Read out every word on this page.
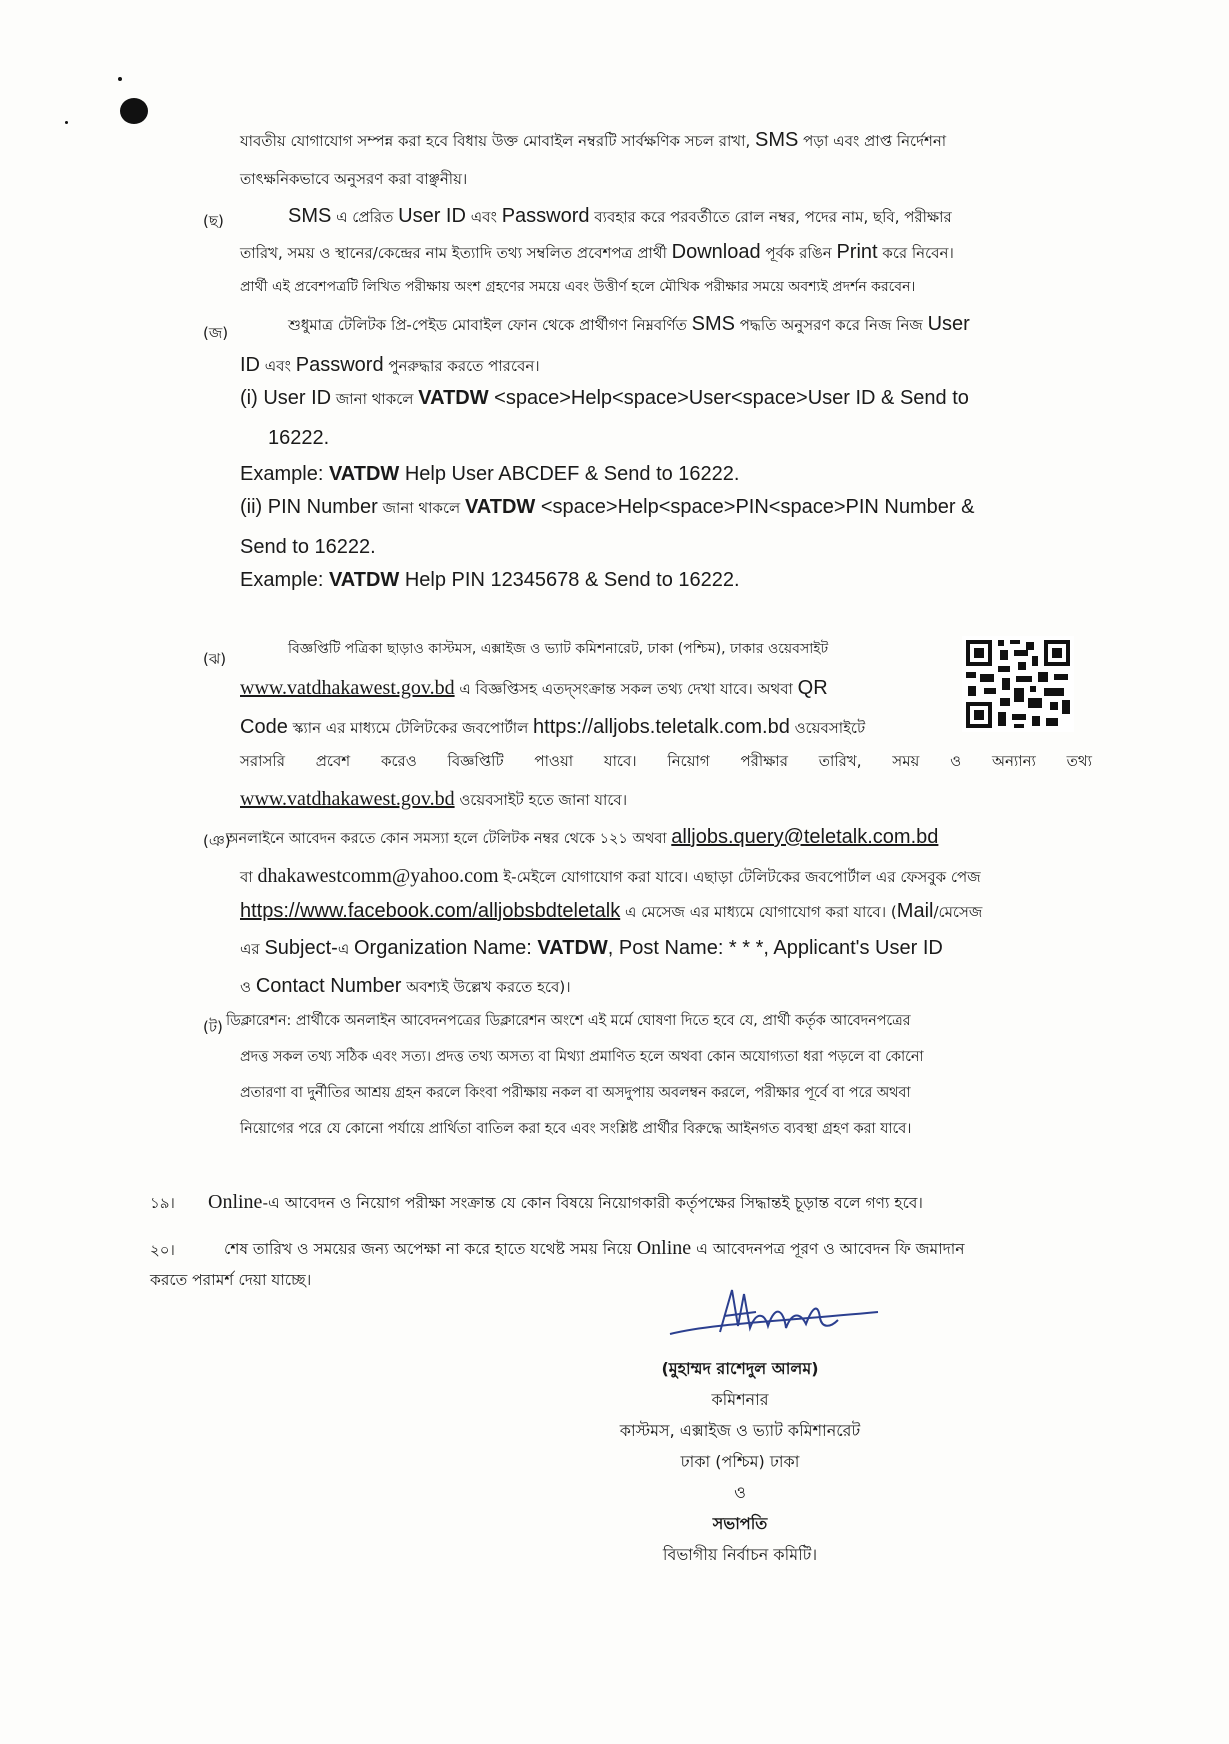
যাবতীয় যোগাযোগ সম্পন্ন করা হবে বিধায় উক্ত মোবাইল নম্বরটি সার্বক্ষণিক সচল রাখা, SMS পড়া এবং প্রাপ্ত নির্দেশনা
তাৎক্ষনিকভাবে অনুসরণ করা বাঞ্ছনীয়।
(ছ)	SMS এ প্রেরিত User ID এবং Password ব্যবহার করে পরবর্তীতে রোল নম্বর, পদের নাম, ছবি, পরীক্ষার
তারিখ, সময় ও স্থানের/কেন্দ্রের নাম ইত্যাদি তথ্য সম্বলিত প্রবেশপত্র প্রার্থী Download পূর্বক রঙিন Print করে নিবেন।
প্রার্থী এই প্রবেশপত্রটি লিখিত পরীক্ষায় অংশ গ্রহণের সময়ে এবং উত্তীর্ণ হলে মৌখিক পরীক্ষার সময়ে অবশ্যই প্রদর্শন করবেন।
(জ)	শুধুমাত্র টেলিটক প্রি-পেইড মোবাইল ফোন থেকে প্রার্থীগণ নিম্নবর্ণিত SMS পদ্ধতি অনুসরণ করে নিজ নিজ User
ID এবং Password পুনরুদ্ধার করতে পারবেন।
(i) User ID জানা থাকলে VATDW <space>Help<space>User<space>User ID & Send to
16222.
Example: VATDW Help User ABCDEF & Send to 16222.
(ii) PIN Number জানা থাকলে VATDW <space>Help<space>PIN<space>PIN Number &
Send to 16222.
Example: VATDW Help PIN 12345678 & Send to 16222.
(ঝ)
বিজ্ঞপ্তিটি পত্রিকা ছাড়াও কাস্টমস, এক্সাইজ ও ভ্যাট কমিশনারেট, ঢাকা (পশ্চিম), ঢাকার ওয়েবসাইট
www.vatdhakawest.gov.bd এ বিজ্ঞপ্তিসহ এতদ্‌সংক্রান্ত সকল তথ্য দেখা যাবে। অথবা QR
Code স্ক্যান এর মাধ্যমে টেলিটকের জবপোর্টাল https://alljobs.teletalk.com.bd ওয়েবসাইটে
সরাসরি প্রবেশ করেও বিজ্ঞপ্তিটি পাওয়া যাবে। নিয়োগ পরীক্ষার তারিখ, সময় ও অন্যান্য তথ্য
www.vatdhakawest.gov.bd ওয়েবসাইট হতে জানা যাবে।
(ঞ)
অনলাইনে আবেদন করতে কোন সমস্যা হলে টেলিটক নম্বর থেকে ১২১ অথবা alljobs.query@teletalk.com.bd
বা dhakawestcomm@yahoo.com ই-মেইলে যোগাযোগ করা যাবে। এছাড়া টেলিটকের জবপোর্টাল এর ফেসবুক পেজ
https://www.facebook.com/alljobsbdteletalk এ মেসেজ এর মাধ্যমে যোগাযোগ করা যাবে। (Mail/মেসেজ
এর Subject-এ Organization Name: VATDW, Post Name: * * *, Applicant's User ID
ও Contact Number অবশ্যই উল্লেখ করতে হবে)।
(ট) ডিক্লারেশন: প্রার্থীকে অনলাইন আবেদনপত্রের ডিক্লারেশন অংশে এই মর্মে ঘোষণা দিতে হবে যে, প্রার্থী কর্তৃক আবেদনপত্রের
প্রদত্ত সকল তথ্য সঠিক এবং সত্য। প্রদত্ত তথ্য অসত্য বা মিথ্যা প্রমাণিত হলে অথবা কোন অযোগ্যতা ধরা পড়লে বা কোনো
প্রতারণা বা দুর্নীতির আশ্রয় গ্রহন করলে কিংবা পরীক্ষায় নকল বা অসদুপায় অবলম্বন করলে, পরীক্ষার পূর্বে বা পরে অথবা
নিয়োগের পরে যে কোনো পর্যায়ে প্রার্থিতা বাতিল করা হবে এবং সংশ্লিষ্ট প্রার্থীর বিরুদ্ধে আইনগত ব্যবস্থা গ্রহণ করা যাবে।
১৯। Online-এ আবেদন ও নিয়োগ পরীক্ষা সংক্রান্ত যে কোন বিষয়ে নিয়োগকারী কর্তৃপক্ষের সিদ্ধান্তই চূড়ান্ত বলে গণ্য হবে।
২০।	শেষ তারিখ ও সময়ের জন্য অপেক্ষা না করে হাতে যথেষ্ট সময় নিয়ে Online এ আবেদনপত্র পূরণ ও আবেদন ফি জমাদান
করতে পরামর্শ দেয়া যাচ্ছে।
(মুহাম্মদ রাশেদুল আলম)
কমিশনার
কাস্টমস, এক্সাইজ ও ভ্যাট কমিশানরেট
ঢাকা (পশ্চিম) ঢাকা
ও
সভাপতি
বিভাগীয় নির্বাচন কমিটি।
